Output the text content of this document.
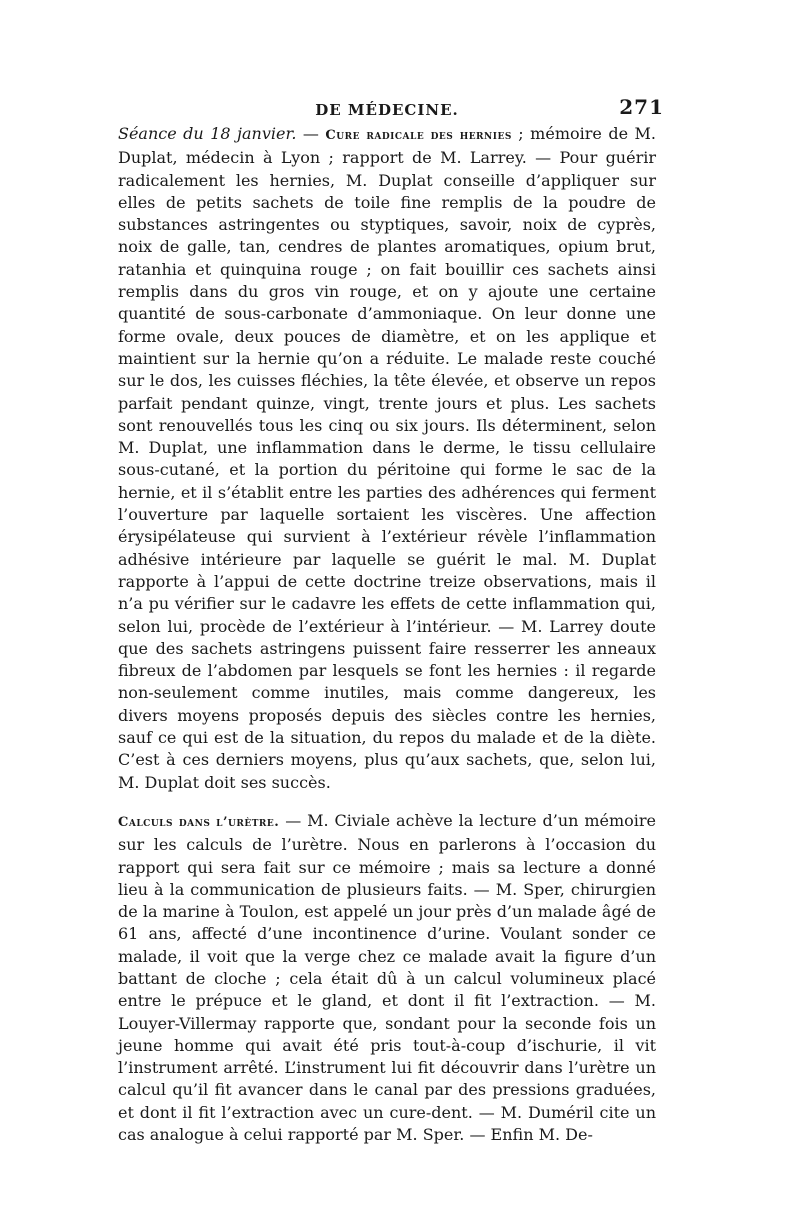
DE MÉDECINE.	271

Séance du 18 janvier. — Cure radicale des hernies ; mémoire de M. Duplat, médecin à Lyon ; rapport de M. Larrey. — Pour guérir radicalement les hernies, M. Duplat conseille d’appliquer sur elles de petits sachets de toile fine remplis de la poudre de substances astringentes ou styptiques, savoir, noix de cyprès, noix de galle, tan, cendres de plantes aromatiques, opium brut, ratanhia et quinquina rouge ; on fait bouillir ces sachets ainsi remplis dans du gros vin rouge, et on y ajoute une certaine quantité de sous-carbonate d’ammoniaque. On leur donne une forme ovale, deux pouces de diamètre, et on les applique et maintient sur la hernie qu’on a réduite. Le malade reste couché sur le dos, les cuisses fléchies, la tête élevée, et observe un repos parfait pendant quinze, vingt, trente jours et plus. Les sachets sont renouvellés tous les cinq ou six jours. Ils déterminent, selon M. Duplat, une inflammation dans le derme, le tissu cellulaire sous-cutané, et la portion du péritoine qui forme le sac de la hernie, et il s’établit entre les parties des adhérences qui ferment l’ouverture par laquelle sortaient les viscères. Une affection érysipélateuse qui survient à l’extérieur révèle l’inflammation adhésive intérieure par laquelle se guérit le mal. M. Duplat rapporte à l’appui de cette doctrine treize observations, mais il n’a pu vérifier sur le cadavre les effets de cette inflammation qui, selon lui, procède de l’extérieur à l’intérieur. — M. Larrey doute que des sachets astringens puissent faire resserrer les anneaux fibreux de l’abdomen par lesquels se font les hernies : il regarde non-seulement comme inutiles, mais comme dangereux, les divers moyens proposés depuis des siècles contre les hernies, sauf ce qui est de la situation, du repos du malade et de la diète. C’est à ces derniers moyens, plus qu’aux sachets, que, selon lui, M. Duplat doit ses succès.

Calculs dans l’urètre. — M. Civiale achève la lecture d’un mémoire sur les calculs de l’urètre. Nous en parlerons à l’occasion du rapport qui sera fait sur ce mémoire ; mais sa lecture a donné lieu à la communication de plusieurs faits. — M. Sper, chirurgien de la marine à Toulon, est appelé un jour près d’un malade âgé de 61 ans, affecté d’une incontinence d’urine. Voulant sonder ce malade, il voit que la verge chez ce malade avait la figure d’un battant de cloche ; cela était dû à un calcul volumineux placé entre le prépuce et le gland, et dont il fit l’extraction. — M. Louyer-Villermay rapporte que, sondant pour la seconde fois un jeune homme qui avait été pris tout-à-coup d’ischurie, il vit l’instrument arrêté. L’instrument lui fit découvrir dans l’urètre un calcul qu’il fit avancer dans le canal par des pressions graduées, et dont il fit l’extraction avec un cure-dent. — M. Duméril cite un cas analogue à celui rapporté par M. Sper. — Enfin M. De-
